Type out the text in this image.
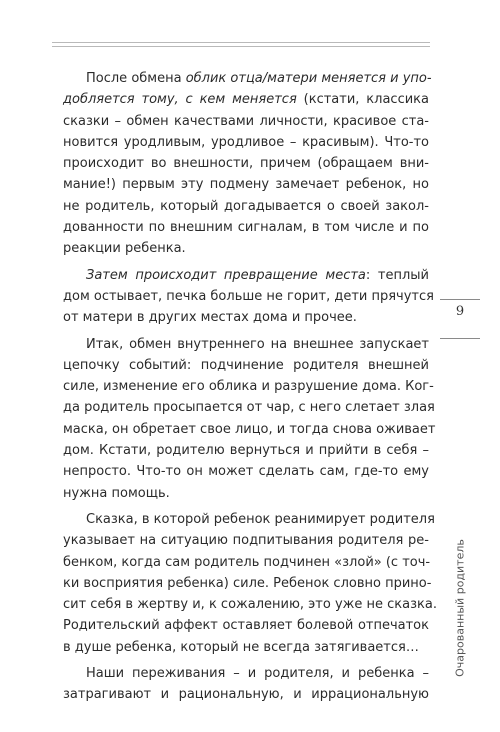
После обмена облик отца/матери меняется и упо-
добляется тому, с кем меняется (кстати, классика
сказки – обмен качествами личности, красивое ста-
новится уродливым, уродливое – красивым). Что-то
происходит во внешности, причем (обращаем вни-
мание!) первым эту подмену замечает ребенок, но
не родитель, который догадывается о своей закол-
дованности по внешним сигналам, в том числе и по
реакции ребенка.
Затем происходит превращение места: теплый
дом остывает, печка больше не горит, дети прячутся
от матери в других местах дома и прочее.
Итак, обмен внутреннего на внешнее запускает
цепочку событий: подчинение родителя внешней
силе, изменение его облика и разрушение дома. Ког-
да родитель просыпается от чар, с него слетает злая
маска, он обретает свое лицо, и тогда снова оживает
дом. Кстати, родителю вернуться и прийти в себя –
непросто. Что-то он может сделать сам, где-то ему
нужна помощь.
Сказка, в которой ребенок реанимирует родителя
указывает на ситуацию подпитывания родителя ре-
бенком, когда сам родитель подчинен «злой» (с точ-
ки восприятия ребенка) силе. Ребенок словно прино-
сит себя в жертву и, к сожалению, это уже не сказка.
Родительский аффект оставляет болевой отпечаток
в душе ребенка, который не всегда затягивается…
Наши переживания – и родителя, и ребенка –
затрагивают и рациональную, и иррациональную
9
Очарованный родитель
